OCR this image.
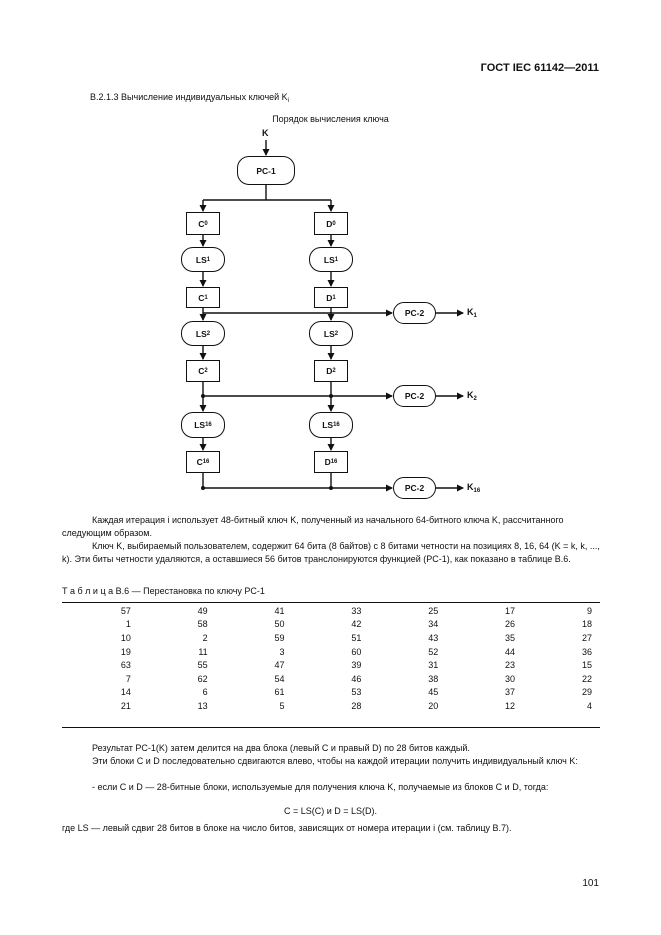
ГОСТ IEC 61142—2011
В.2.1.3 Вычисление индивидуальных ключей $K_i$
Порядок вычисления ключа
K
PC-1
C 0	D 0
LS 1	LS 1
C 1	D 1
LS 2	LS 2
C 2	D 2
LS 16	LS 16
C 16	D 16
PC-2
PC-2
PC-2
$K_1$
$K_2$
$K_{16}$
Каждая итерация i использует 48-битный ключ K, полученный из начального 64-битного ключа K, рассчитанного следующим образом.
Ключ K, выбираемый пользователем, содержит 64 бита (8 байтов) с 8 битами четности на позициях 8, 16, 64 (K = k, k, ..., k). Эти биты четности удаляются, а оставшиеся 56 битов транслонируются функцией (PC-1), как показано в таблице В.6.
Т а б л и ц а В.6 — Перестановка по ключу PC-1
57	49	41	33	25	17	9
1	58	50	42	34	26	18
10	2	59	51	43	35	27
19	11	3	60	52	44	36
63	55	47	39	31	23	15
7	62	54	46	38	30	22
14	6	61	53	45	37	29
21	13	5	28	20	12	4
Результат PC-1(K) затем делится на два блока (левый C и правый D) по 28 битов каждый.
Эти блоки C и D последовательно сдвигаются влево, чтобы на каждой итерации получить индивидуальный ключ K:
- если C и D — 28-битные блоки, используемые для получения ключа K, получаемые из блоков C и D, тогда:
C = LS(C) и D = LS(D).
где LS — левый сдвиг 28 битов в блоке на число битов, зависящих от номера итерации i (см. таблицу В.7).
101
